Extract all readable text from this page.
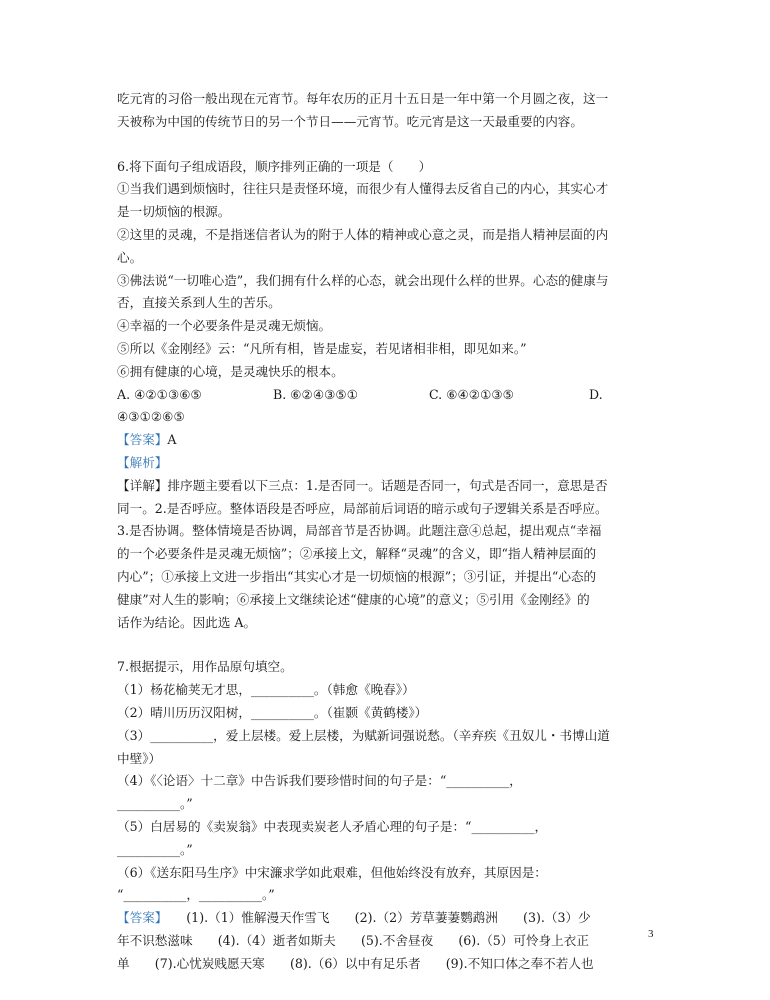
吃元宵的习俗一般出现在元宵节。每年农历的正月十五日是一年中第一个月圆之夜，这一

天被称为中国的传统节日的另一个节日——元宵节。吃元宵是这一天最重要的内容。

6.将下面句子组成语段，顺序排列正确的一项是（　　）

①当我们遇到烦恼时，往往只是责怪环境，而很少有人懂得去反省自己的内心，其实心才

是一切烦恼的根源。

②这里的灵魂，不是指迷信者认为的附于人体的精神或心意之灵，而是指人精神层面的内

心。

③佛法说“一切唯心造”，我们拥有什么样的心态，就会出现什么样的世界。心态的健康与

否，直接关系到人生的苦乐。

④幸福的一个必要条件是灵魂无烦恼。

⑤所以《金刚经》云：“凡所有相，皆是虚妄，若见诸相非相，即见如来。”

⑥拥有健康的心境，是灵魂快乐的根本。

A. ④②①③⑥⑤	B. ⑥②④③⑤①	C. ⑥④②①③⑤	D.

④③①②⑥⑤

【答案】A

【解析】

【详解】排序题主要看以下三点：1.是否同一。话题是否同一，句式是否同一，意思是否

同一。2.是否呼应。整体语段是否呼应，局部前后词语的暗示或句子逻辑关系是否呼应。

3.是否协调。整体情境是否协调，局部音节是否协调。此题注意④总起，提出观点“幸福

的一个必要条件是灵魂无烦恼”；②承接上文，解释“灵魂”的含义，即“指人精神层面的

内心”；①承接上文进一步指出“其实心才是一切烦恼的根源”；③引证，并提出“心态的

健康”对人生的影响；⑥承接上文继续论述“健康的心境”的意义；⑤引用《金刚经》的

话作为结论。因此选 A。

7.根据提示，用作品原句填空。

（1）杨花榆荚无才思，__________。（韩愈《晚春》）

（2）晴川历历汉阳树，__________。（崔颢《黄鹤楼》）

（3）__________，爱上层楼。爱上层楼，为赋新词强说愁。（辛弃疾《丑奴儿・书博山道

中壁》）

（4）《〈论语〉十二章》中告诉我们要珍惜时间的句子是：“__________，

__________。”

（5）白居易的《卖炭翁》中表现卖炭老人矛盾心理的句子是：“__________，

__________。”

（6）《送东阳马生序》中宋濂求学如此艰难，但他始终没有放弃，其原因是：

“__________，__________。”

【答案】　　(1).（1）惟解漫天作雪飞　　(2).（2）芳草萋萋鹦鹉洲　　(3).（3）少

年不识愁滋味　　(4).（4）逝者如斯夫　　(5).不舍昼夜　　(6).（5）可怜身上衣正

单　　(7).心忧炭贱愿天寒　　(8).（6）以中有足乐者　　(9).不知口体之奉不若人也

3
